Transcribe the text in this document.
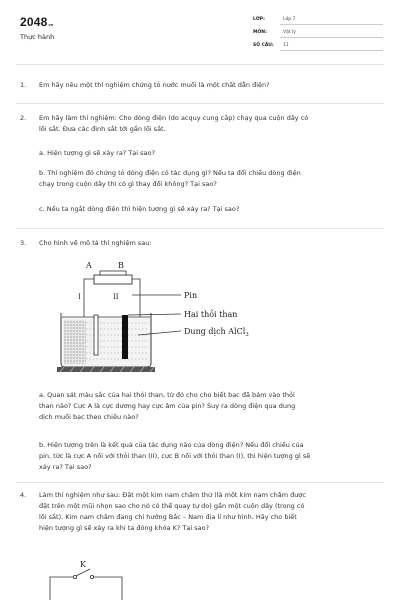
2048vn
Thực hành
LỚP:	Lớp 7
MÔN:	Vật lý
SỐ CÂU: 11
1. Em hãy nêu một thí nghiệm chứng tỏ nước muối là một chất dẫn điện?
2. Em hãy làm thí nghiệm: Cho dòng điện (do acquy cung cấp) chạy qua cuộn dây có
lõi sắt. Đưa các đinh sắt tới gần lõi sắt.
a. Hiện tượng gì sẽ xảy ra? Tại sao?
b. Thí nghiệm đó chứng tỏ dòng điện có tác dụng gì? Nếu ta đổi chiều dòng điện
chạy trong cuộn dây thì có gì thay đổi không? Tại sao?
c. Nếu ta ngắt dòng điện thì hiện tượng gì sẽ xảy ra? Tại sao?
3. Cho hình vẽ mô tả thí nghiệm sau:
A	B
I	II	Pin
Hai thỏi than
Dung dịch AlCl$_3$
a. Quan sát màu sắc của hai thỏi than, từ đó cho cho biết bạc đã bám vào thỏi
than nào? Cực A là cực dương hay cực âm của pin? Suy ra dòng điện qua dung
dịch muối bạc theo chiều nào?
b. Hiện tượng trên là kết quả của tác dụng nào của dòng điện? Nếu đổi chiều của
pin, tức là cực A nối với thỏi than (II), cực B nối với thỏi than (I), thì hiện tượng gì sẽ
xảy ra? Tại sao?
4. Làm thí nghiệm như sau: Đặt một kim nam châm thử (là một kim nam châm được
đặt trên một mũi nhọn sao cho nó có thể quay tự do) gần một cuộn dây (trong có
lõi sắt). Kim nam châm đang chỉ hướng Bắc – Nam địa lí như hình. Hãy cho biết
hiện tượng gì sẽ xảy ra khi ta đóng khóa K? Tại sao?
K
